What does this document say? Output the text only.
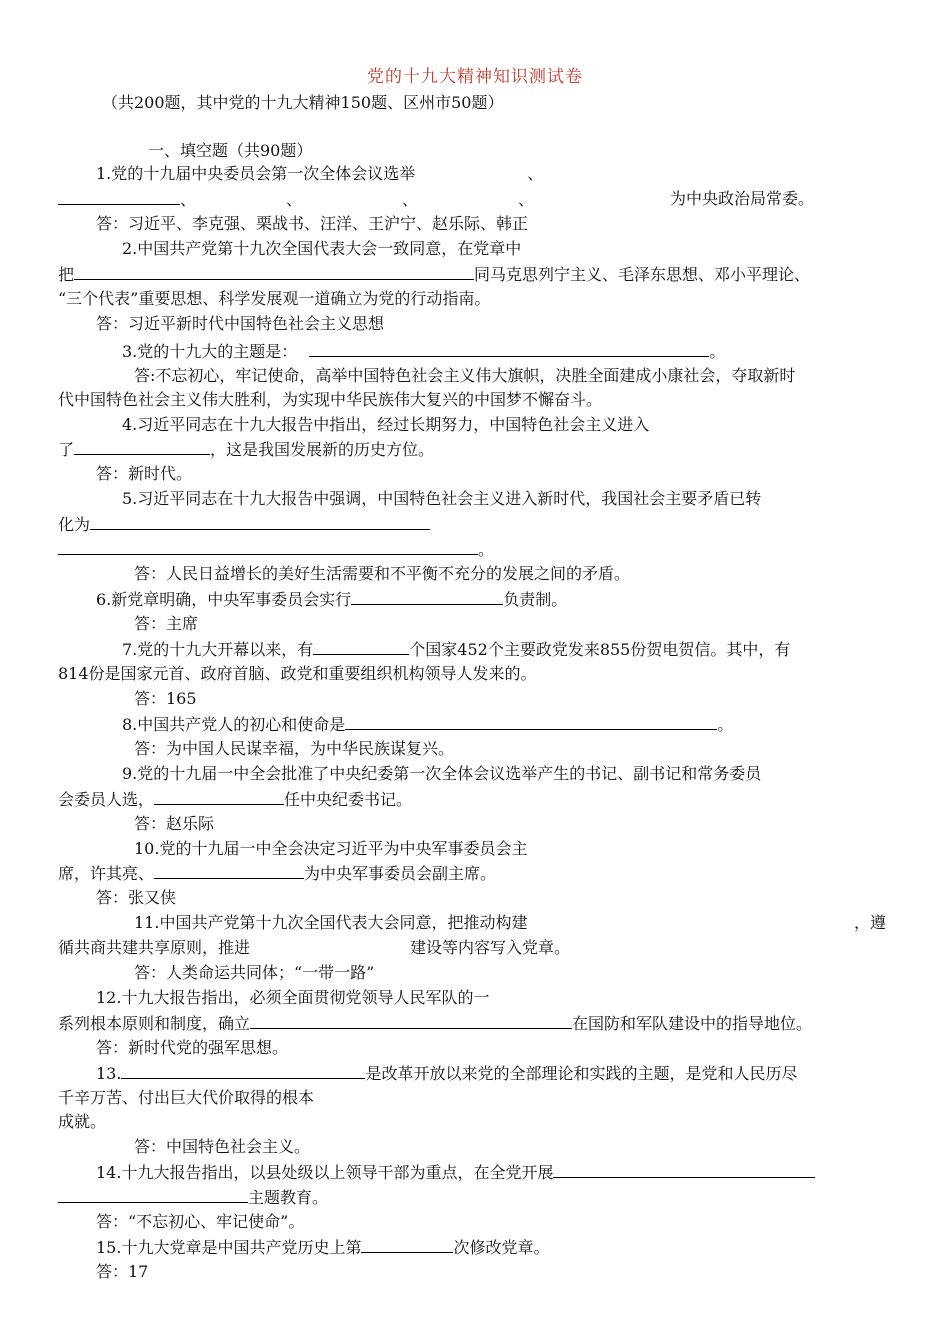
党的十九大精神知识测试卷
（共200题，其中党的十九大精神150题、区州市50题）
一、填空题（共90题）
1.党的十九届中央委员会第一次全体会议选举	、
、	、	、	、	为中央政治局常委。
答：习近平、李克强、栗战书、汪洋、王沪宁、赵乐际、韩正
2.中国共产党第十九次全国代表大会一致同意，在党章中
把	同马克思列宁主义、毛泽东思想、邓小平理论、
“三个代表”重要思想、科学发展观一道确立为党的行动指南。
答：习近平新时代中国特色社会主义思想
3.党的十九大的主题是：	。
答:不忘初心，牢记使命，高举中国特色社会主义伟大旗帜，决胜全面建成小康社会，夺取新时
代中国特色社会主义伟大胜利，为实现中华民族伟大复兴的中国梦不懈奋斗。
4.习近平同志在十九大报告中指出，经过长期努力，中国特色社会主义进入
了	，这是我国发展新的历史方位。
答：新时代。
5.习近平同志在十九大报告中强调，中国特色社会主义进入新时代，我国社会主要矛盾已转
化为
。
答：人民日益增长的美好生活需要和不平衡不充分的发展之间的矛盾。
6.新党章明确，中央军事委员会实行	负责制。
答：主席
7.党的十九大开幕以来，有	个国家452个主要政党发来855份贺电贺信。其中，有
814份是国家元首、政府首脑、政党和重要组织机构领导人发来的。
答：165
8.中国共产党人的初心和使命是	。
答：为中国人民谋幸福，为中华民族谋复兴。
9.党的十九届一中全会批准了中央纪委第一次全体会议选举产生的书记、副书记和常务委员
会委员人选，	任中央纪委书记。
答：赵乐际
10.党的十九届一中全会决定习近平为中央军事委员会主
席，许其亮、	为中央军事委员会副主席。
答：张又侠
11.中国共产党第十九次全国代表大会同意，把推动构建	，遵
循共商共建共享原则，推进	建设等内容写入党章。
答：人类命运共同体；“一带一路”
12.十九大报告指出，必须全面贯彻党领导人民军队的一
系列根本原则和制度，确立	在国防和军队建设中的指导地位。
答：新时代党的强军思想。
13.	是改革开放以来党的全部理论和实践的主题，是党和人民历尽
千辛万苦、付出巨大代价取得的根本
成就。
答：中国特色社会主义。
14.十九大报告指出，以县处级以上领导干部为重点，在全党开展
主题教育。
答：“不忘初心、牢记使命”。
15.十九大党章是中国共产党历史上第	次修改党章。
答：17
